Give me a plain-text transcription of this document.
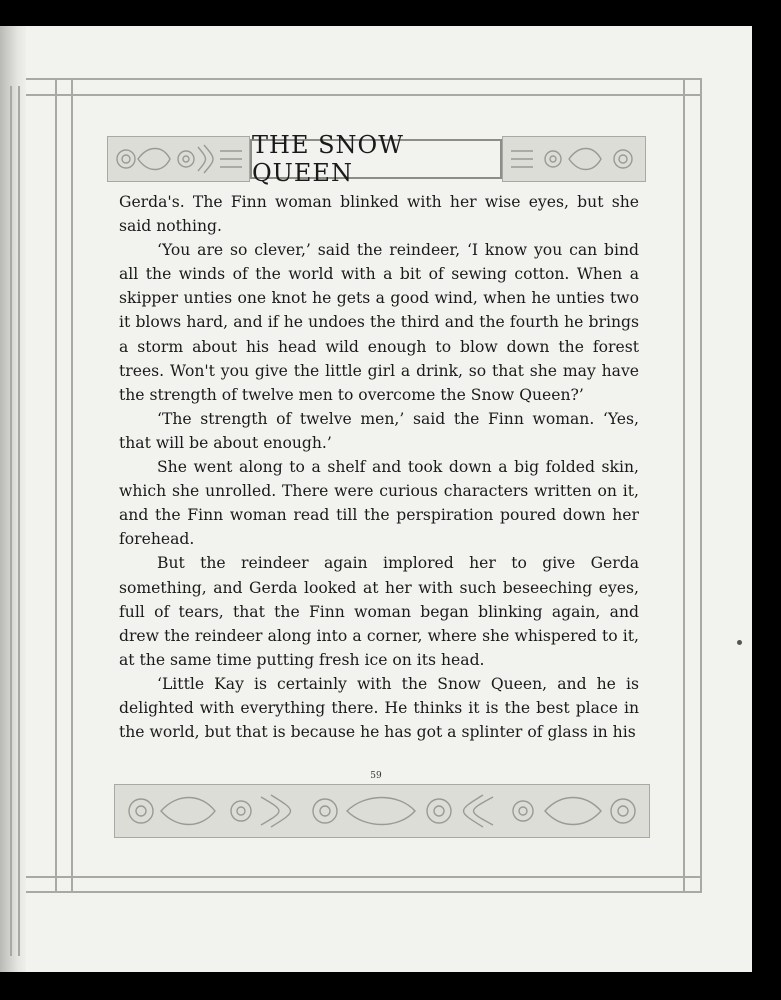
THE SNOW QUEEN

Gerda's. The Finn woman blinked with her wise eyes, but she said nothing.

‘You are so clever,’ said the reindeer, ‘I know you can bind all the winds of the world with a bit of sewing cotton. When a skipper unties one knot he gets a good wind, when he unties two it blows hard, and if he undoes the third and the fourth he brings a storm about his head wild enough to blow down the forest trees. Won't you give the little girl a drink, so that she may have the strength of twelve men to overcome the Snow Queen?’

‘The strength of twelve men,’ said the Finn woman. ‘Yes, that will be about enough.’

She went along to a shelf and took down a big folded skin, which she unrolled. There were curious characters written on it, and the Finn woman read till the perspiration poured down her forehead.

But the reindeer again implored her to give Gerda something, and Gerda looked at her with such beseeching eyes, full of tears, that the Finn woman began blinking again, and drew the reindeer along into a corner, where she whispered to it, at the same time putting fresh ice on its head.

‘Little Kay is certainly with the Snow Queen, and he is delighted with everything there. He thinks it is the best place in the world, but that is because he has got a splinter of glass in his

59
